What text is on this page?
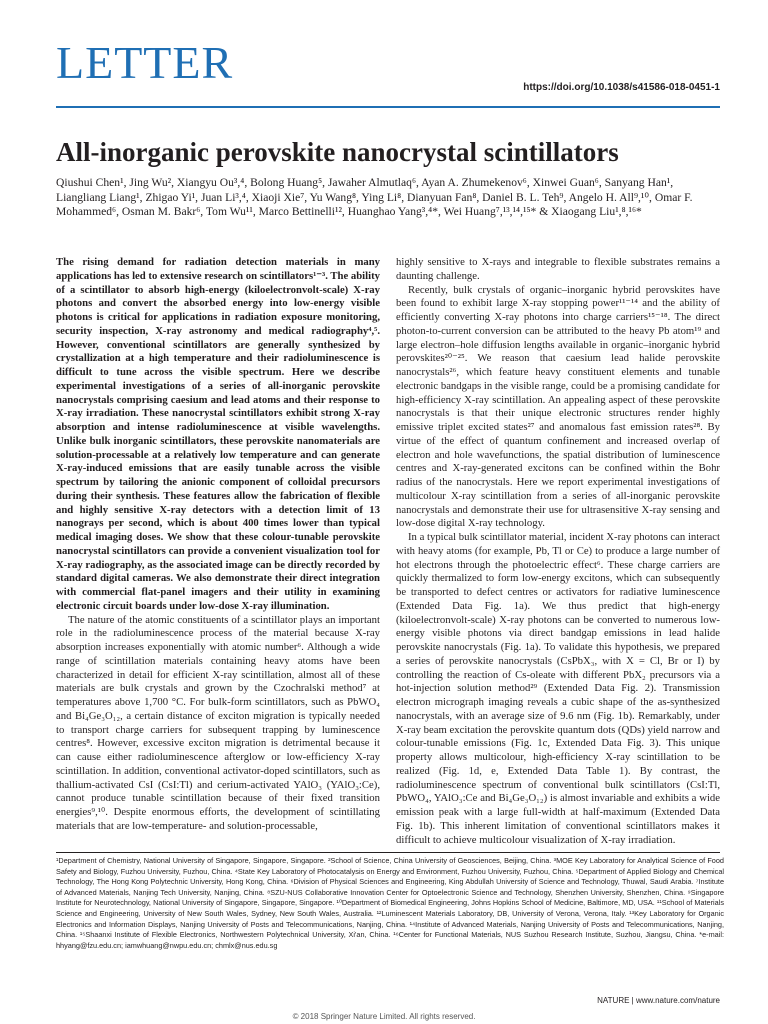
LETTER	https://doi.org/10.1038/s41586-018-0451-1
All-inorganic perovskite nanocrystal scintillators
Qiushui Chen¹, Jing Wu², Xiangyu Ou³,⁴, Bolong Huang⁵, Jawaher Almutlaq⁶, Ayan A. Zhumekenov⁶, Xinwei Guan⁶, Sanyang Han¹, Liangliang Liang¹, Zhigao Yi¹, Juan Li³,⁴, Xiaoji Xie⁷, Yu Wang⁸, Ying Li⁸, Dianyuan Fan⁸, Daniel B. L. Teh⁹, Angelo H. All⁹,¹⁰, Omar F. Mohammed⁶, Osman M. Bakr⁶, Tom Wu¹¹, Marco Bettinelli¹², Huanghao Yang³,⁴*, Wei Huang⁷,¹³,¹⁴,¹⁵* & Xiaogang Liu¹,⁸,¹⁶*

The rising demand for radiation detection materials in many applications has led to extensive research on scintillators¹⁻³. The ability of a scintillator to absorb high-energy (kiloelectronvolt-scale) X-ray photons and convert the absorbed energy into low-energy visible photons is critical for applications in radiation exposure monitoring, security inspection, X-ray astronomy and medical radiography⁴,⁵. However, conventional scintillators are generally synthesized by crystallization at a high temperature and their radioluminescence is difficult to tune across the visible spectrum. Here we describe experimental investigations of a series of all-inorganic perovskite nanocrystals comprising caesium and lead atoms and their response to X-ray irradiation. These nanocrystal scintillators exhibit strong X-ray absorption and intense radioluminescence at visible wavelengths. Unlike bulk inorganic scintillators, these perovskite nanomaterials are solution-processable at a relatively low temperature and can generate X-ray-induced emissions that are easily tunable across the visible spectrum by tailoring the anionic component of colloidal precursors during their synthesis. These features allow the fabrication of flexible and highly sensitive X-ray detectors with a detection limit of 13 nanograys per second, which is about 400 times lower than typical medical imaging doses. We show that these colour-tunable perovskite nanocrystal scintillators can provide a convenient visualization tool for X-ray radiography, as the associated image can be directly recorded by standard digital cameras. We also demonstrate their direct integration with commercial flat-panel imagers and their utility in examining electronic circuit boards under low-dose X-ray illumination.

The nature of the atomic constituents of a scintillator plays an important role in the radioluminescence process of the material because X-ray absorption increases exponentially with atomic number⁶. Although a wide range of scintillation materials containing heavy atoms have been characterized in detail for efficient X-ray scintillation, almost all of these materials are bulk crystals and grown by the Czochralski method⁷ at temperatures above 1,700 °C. For bulk-form scintillators, such as PbWO₄ and Bi₄Ge₃O₁₂, a certain distance of exciton migration is typically needed to transport charge carriers for subsequent trapping by luminescence centres⁸. However, excessive exciton migration is detrimental because it can cause either radioluminescence afterglow or low-efficiency X-ray scintillation. In addition, conventional activator-doped scintillators, such as thallium-activated CsI (CsI:Tl) and cerium-activated YAlO₃ (YAlO₃:Ce), cannot produce tunable scintillation because of their fixed transition energies⁹,¹⁰. Despite enormous efforts, the development of scintillating materials that are low-temperature- and solution-processable,

highly sensitive to X-rays and integrable to flexible substrates remains a daunting challenge.

Recently, bulk crystals of organic–inorganic hybrid perovskites have been found to exhibit large X-ray stopping power¹¹⁻¹⁴ and the ability of efficiently converting X-ray photons into charge carriers¹⁵⁻¹⁸. The direct photon-to-current conversion can be attributed to the heavy Pb atom¹⁹ and large electron–hole diffusion lengths available in organic–inorganic hybrid perovskites²⁰⁻²⁵. We reason that caesium lead halide perovskite nanocrystals²⁶, which feature heavy constituent elements and tunable electronic bandgaps in the visible range, could be a promising candidate for high-efficiency X-ray scintillation. An appealing aspect of these perovskite nanocrystals is that their unique electronic structures render highly emissive triplet excited states²⁷ and anomalous fast emission rates²⁸. By virtue of the effect of quantum confinement and increased overlap of electron and hole wavefunctions, the spatial distribution of luminescence centres and X-ray-generated excitons can be confined within the Bohr radius of the nanocrystals. Here we report experimental investigations of multicolour X-ray scintillation from a series of all-inorganic perovskite nanocrystals and demonstrate their use for ultrasensitive X-ray sensing and low-dose digital X-ray technology.

In a typical bulk scintillator material, incident X-ray photons can interact with heavy atoms (for example, Pb, Tl or Ce) to produce a large number of hot electrons through the photoelectric effect⁶. These charge carriers are quickly thermalized to form low-energy excitons, which can subsequently be transported to defect centres or activators for radiative luminescence (Extended Data Fig. 1a). We thus predict that high-energy (kiloelectronvolt-scale) X-ray photons can be converted to numerous low-energy visible photons via direct bandgap emissions in lead halide perovskite nanocrystals (Fig. 1a). To validate this hypothesis, we prepared a series of perovskite nanocrystals (CsPbX₃, with X = Cl, Br or I) by controlling the reaction of Cs-oleate with different PbX₂ precursors via a hot-injection solution method²⁹ (Extended Data Fig. 2). Transmission electron micrograph imaging reveals a cubic shape of the as-synthesized nanocrystals, with an average size of 9.6 nm (Fig. 1b). Remarkably, under X-ray beam excitation the perovskite quantum dots (QDs) yield narrow and colour-tunable emissions (Fig. 1c, Extended Data Fig. 3). This unique property allows multicolour, high-efficiency X-ray scintillation to be realized (Fig. 1d, e, Extended Data Table 1). By contrast, the radioluminescence spectrum of conventional bulk scintillators (CsI:Tl, PbWO₄, YAlO₃:Ce and Bi₄Ge₃O₁₂) is almost invariable and exhibits a wide emission peak with a large full-width at half-maximum (Extended Data Fig. 1b). This inherent limitation of conventional scintillators makes it difficult to achieve multicolour visualization of X-ray irradiation.

¹Department of Chemistry, National University of Singapore, Singapore, Singapore. ²School of Science, China University of Geosciences, Beijing, China. ³MOE Key Laboratory for Analytical Science of Food Safety and Biology, Fuzhou University, Fuzhou, China. ⁴State Key Laboratory of Photocatalysis on Energy and Environment, Fuzhou University, Fuzhou, China. ⁵Department of Applied Biology and Chemical Technology, The Hong Kong Polytechnic University, Hong Kong, China. ⁶Division of Physical Sciences and Engineering, King Abdullah University of Science and Technology, Thuwal, Saudi Arabia. ⁷Institute of Advanced Materials, Nanjing Tech University, Nanjing, China. ⁸SZU-NUS Collaborative Innovation Center for Optoelectronic Science and Technology, Shenzhen University, Shenzhen, China. ⁹Singapore Institute for Neurotechnology, National University of Singapore, Singapore, Singapore. ¹⁰Department of Biomedical Engineering, Johns Hopkins School of Medicine, Baltimore, MD, USA. ¹¹School of Materials Science and Engineering, University of New South Wales, Sydney, New South Wales, Australia. ¹²Luminescent Materials Laboratory, DB, University of Verona, Verona, Italy. ¹³Key Laboratory for Organic Electronics and Information Displays, Nanjing University of Posts and Telecommunications, Nanjing, China. ¹⁴Institute of Advanced Materials, Nanjing University of Posts and Telecommunications, Nanjing, China. ¹⁵Shaanxi Institute of Flexible Electronics, Northwestern Polytechnical University, Xi'an, China. ¹⁶Center for Functional Materials, NUS Suzhou Research Institute, Suzhou, Jiangsu, China. *e-mail: hhyang@fzu.edu.cn; iamwhuang@nwpu.edu.cn; chmlx@nus.edu.sg
NATURE | www.nature.com/nature
© 2018 Springer Nature Limited. All rights reserved.
